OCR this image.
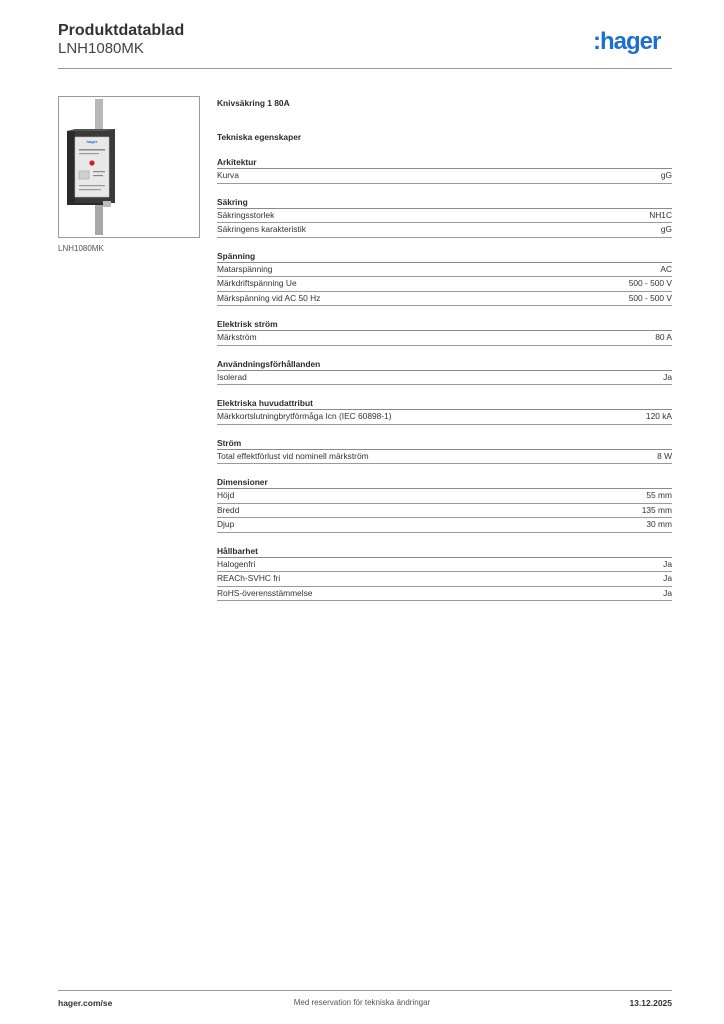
Produktdatablad
LNH1080MK	:hager
hager
LNH1080MK
Knivsäkring 1 80A
Tekniska egenskaper
Arkitektur
Kurva	gG
Säkring
Säkringsstorlek	NH1C
Säkringens karakteristik	gG
Spänning
Matarspänning	AC
Märkdriftspänning Ue	500 - 500 V
Märkspänning vid AC 50 Hz	500 - 500 V
Elektrisk ström
Märkström	80 A
Användningsförhållanden
Isolerad	Ja
Elektriska huvudattribut
Märkkortslutningbrytförmåga Icn (IEC 60898-1)	120 kA
Ström
Total effektförlust vid nominell märkström	8 W
Dimensioner
Höjd	55 mm
Bredd	135 mm
Djup	30 mm
Hållbarhet
Halogenfri	Ja
REACh-SVHC fri	Ja
RoHS-överensstämmelse	Ja
hager.com/se	Med reservation för tekniska ändringar	13.12.2025
